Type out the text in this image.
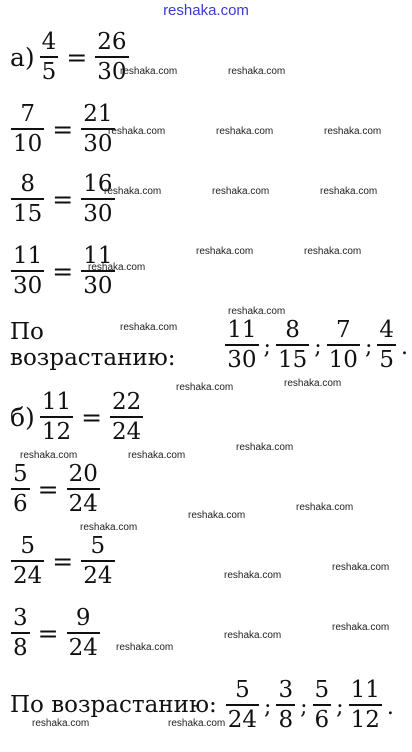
reshaka.com
$а) \frac{4}{5} = \frac{26}{30}$
$\frac{7}{10} = \frac{21}{30}$
$\frac{8}{15} = \frac{16}{30}$
$\frac{11}{30} = \frac{11}{30}$
По возрастанию:	$\frac{11}{30}$ ; $\frac{8}{15}$ ; $\frac{7}{10}$ ; $\frac{4}{5}$ .
$б) \frac{11}{12} = \frac{22}{24}$
$\frac{5}{6} = \frac{20}{24}$
$\frac{5}{24} = \frac{5}{24}$
$\frac{3}{8} = \frac{9}{24}$
По возрастанию: $\frac{5}{24}$ ; $\frac{3}{8}$ ; $\frac{5}{6}$ ; $\frac{11}{12}$ .
reshaka.com	reshaka.com
reshaka.com	reshaka.com	reshaka.com
reshaka.com	reshaka.com	reshaka.com
reshaka.com	reshaka.com
reshaka.com
reshaka.com
reshaka.com
reshaka.com
reshaka.com
reshaka.com
reshaka.com	reshaka.com
reshaka.com
reshaka.com
reshaka.com
reshaka.com
reshaka.com
reshaka.com
reshaka.com
reshaka.com
reshaka.com	reshaka.com
